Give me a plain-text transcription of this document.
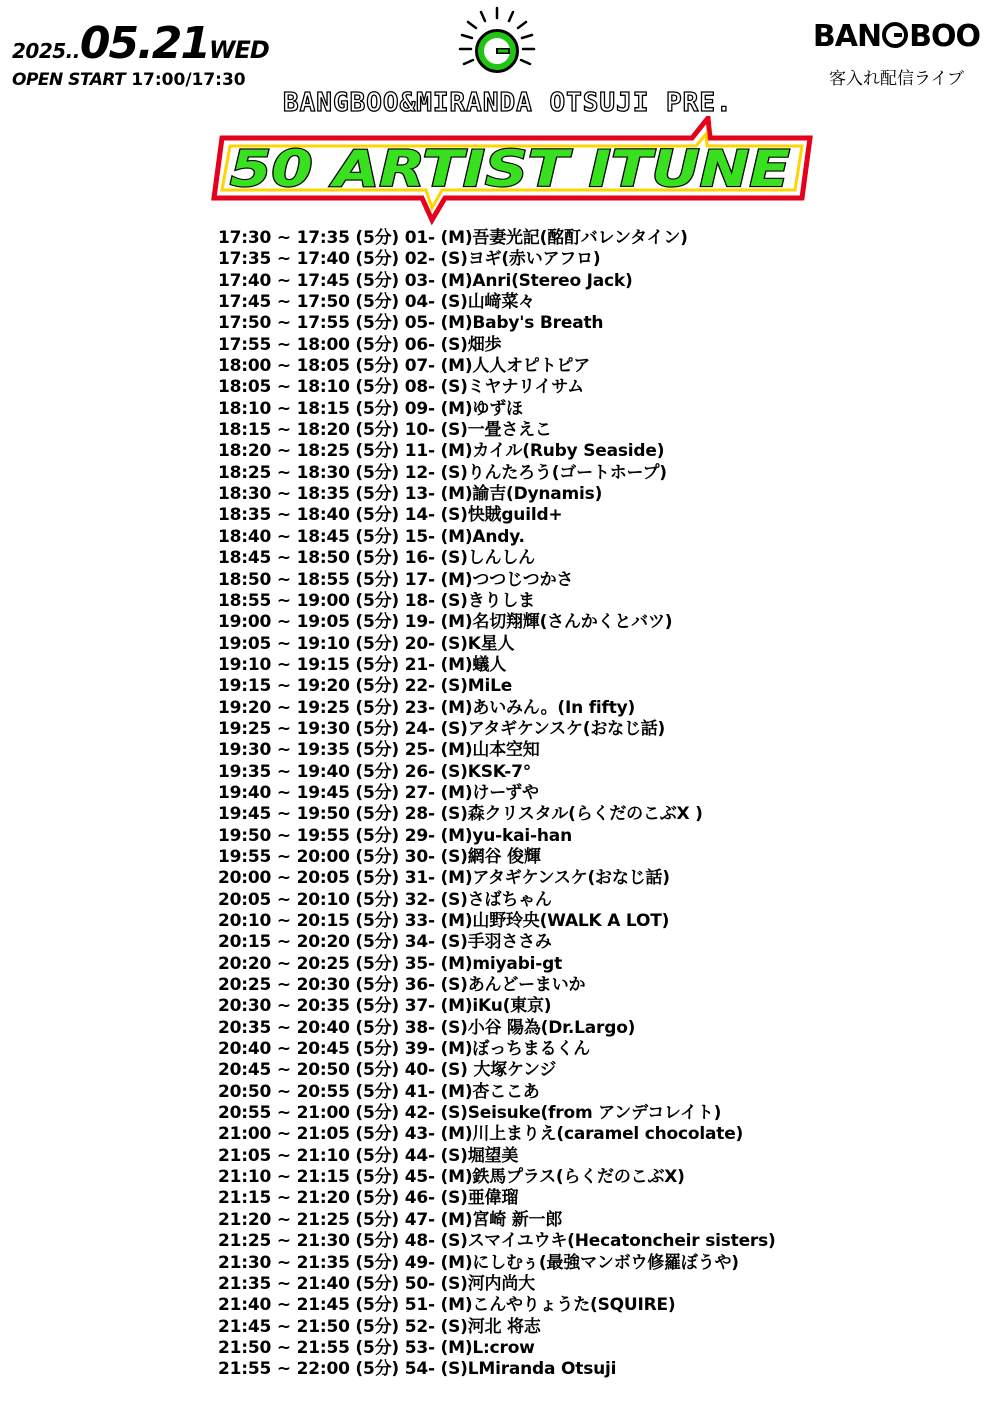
2025..05.21WED
OPEN START 17:00/17:30
BAN BOO
客入れ配信ライブ
BANGBOO&MIRANDA OTSUJI PRE.
50 ARTIST ITUNE
17:30 ~ 17:35 (5分) 01- (M)吾妻光記(酩酊バレンタイン)
17:35 ~ 17:40 (5分) 02- (S)ヨギ(赤いアフロ)
17:40 ~ 17:45 (5分) 03- (M)Anri(Stereo Jack)
17:45 ~ 17:50 (5分) 04- (S)山﨑菜々
17:50 ~ 17:55 (5分) 05- (M)Baby's Breath
17:55 ~ 18:00 (5分) 06- (S)畑歩
18:00 ~ 18:05 (5分) 07- (M)人人オピトピア
18:05 ~ 18:10 (5分) 08- (S)ミヤナリイサム
18:10 ~ 18:15 (5分) 09- (M)ゆずほ
18:15 ~ 18:20 (5分) 10- (S)一畳さえこ
18:20 ~ 18:25 (5分) 11- (M)カイル(Ruby Seaside)
18:25 ~ 18:30 (5分) 12- (S)りんたろう(ゴートホープ)
18:30 ~ 18:35 (5分) 13- (M)諭吉(Dynamis)
18:35 ~ 18:40 (5分) 14- (S)快賊guild+
18:40 ~ 18:45 (5分) 15- (M)Andy.
18:45 ~ 18:50 (5分) 16- (S)しんしん
18:50 ~ 18:55 (5分) 17- (M)つつじつかさ
18:55 ~ 19:00 (5分) 18- (S)きりしま
19:00 ~ 19:05 (5分) 19- (M)名切翔輝(さんかくとバツ)
19:05 ~ 19:10 (5分) 20- (S)K星人
19:10 ~ 19:15 (5分) 21- (M)蟻人
19:15 ~ 19:20 (5分) 22- (S)MiLe
19:20 ~ 19:25 (5分) 23- (M)あいみん。(In fifty)
19:25 ~ 19:30 (5分) 24- (S)アタギケンスケ(おなじ話)
19:30 ~ 19:35 (5分) 25- (M)山本空知
19:35 ~ 19:40 (5分) 26- (S)KSK-7°
19:40 ~ 19:45 (5分) 27- (M)けーずや
19:45 ~ 19:50 (5分) 28- (S)森クリスタル(らくだのこぶX )
19:50 ~ 19:55 (5分) 29- (M)yu-kai-han
19:55 ~ 20:00 (5分) 30- (S)網谷 俊輝
20:00 ~ 20:05 (5分) 31- (M)アタギケンスケ(おなじ話)
20:05 ~ 20:10 (5分) 32- (S)さばちゃん
20:10 ~ 20:15 (5分) 33- (M)山野玲央(WALK A LOT)
20:15 ~ 20:20 (5分) 34- (S)手羽ささみ
20:20 ~ 20:25 (5分) 35- (M)miyabi-gt
20:25 ~ 20:30 (5分) 36- (S)あんどーまいか
20:30 ~ 20:35 (5分) 37- (M)iKu(東京)
20:35 ~ 20:40 (5分) 38- (S)小谷 陽為(Dr.Largo)
20:40 ~ 20:45 (5分) 39- (M)ぼっちまるくん
20:45 ~ 20:50 (5分) 40- (S) 大塚ケンジ
20:50 ~ 20:55 (5分) 41- (M)杏ここあ
20:55 ~ 21:00 (5分) 42- (S)Seisuke(from アンデコレイト)
21:00 ~ 21:05 (5分) 43- (M)川上まりえ(caramel chocolate)
21:05 ~ 21:10 (5分) 44- (S)堀望美
21:10 ~ 21:15 (5分) 45- (M)鉄馬プラス(らくだのこぶX)
21:15 ~ 21:20 (5分) 46- (S)亜偉瑠
21:20 ~ 21:25 (5分) 47- (M)宮崎 新一郎
21:25 ~ 21:30 (5分) 48- (S)スマイユウキ(Hecatoncheir sisters)
21:30 ~ 21:35 (5分) 49- (M)にしむぅ(最強マンボウ修羅ぼうや)
21:35 ~ 21:40 (5分) 50- (S)河内尚大
21:40 ~ 21:45 (5分) 51- (M)こんやりょうた(SQUIRE)
21:45 ~ 21:50 (5分) 52- (S)河北 将志
21:50 ~ 21:55 (5分) 53- (M)L:crow
21:55 ~ 22:00 (5分) 54- (S)LMiranda Otsuji
